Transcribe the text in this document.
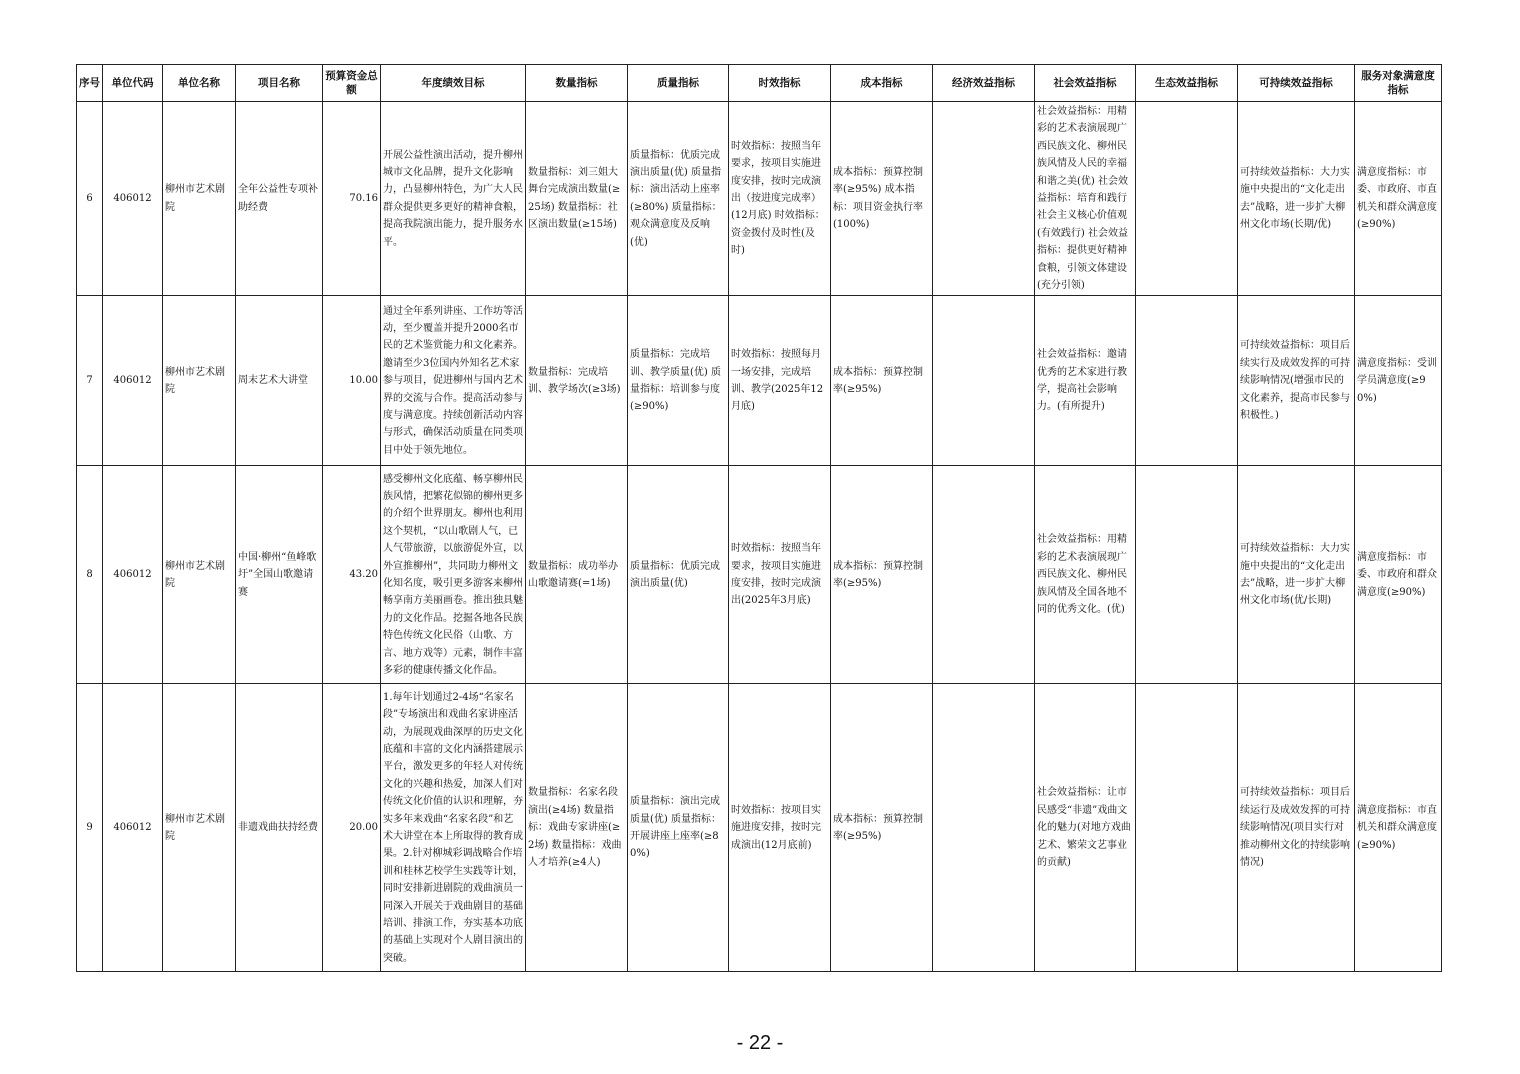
序号	单位代码	单位名称	项目名称	预算资金总额	年度绩效目标	数量指标	质量指标	时效指标	成本指标	经济效益指标	社会效益指标	生态效益指标	可持续效益指标	服务对象满意度指标
6	406012	柳州市艺术剧院	全年公益性专项补助经费	70.16	开展公益性演出活动，提升柳州城市文化品牌，提升文化影响力，凸显柳州特色，为广大人民群众提供更多更好的精神食粮，提高我院演出能力，提升服务水平。	数量指标：刘三姐大舞台完成演出数量(≥25场) 数量指标：社区演出数量(≥15场)	质量指标：优质完成演出质量(优) 质量指标：演出活动上座率(≥80%) 质量指标：观众满意度及反响(优)	时效指标：按照当年要求，按项目实施进度安排，按时完成演出（按进度完成率）(12月底) 时效指标：资金拨付及时性(及时)	成本指标：预算控制率(≥95%) 成本指标：项目资金执行率(100%)		社会效益指标：用精彩的艺术表演展现广西民族文化、柳州民族风情及人民的幸福和谐之美(优) 社会效益指标：培育和践行社会主义核心价值观(有效践行) 社会效益指标：提供更好精神食粮，引领文体建设(充分引领)		可持续效益指标：大力实施中央提出的“文化走出去”战略，进一步扩大柳州文化市场(长期/优)	满意度指标：市委、市政府、市直机关和群众满意度(≥90%)
7	406012	柳州市艺术剧院	周末艺术大讲堂	10.00	通过全年系列讲座、工作坊等活动，至少覆盖并提升2000名市民的艺术鉴赏能力和文化素养。邀请至少3位国内外知名艺术家参与项目，促进柳州与国内艺术界的交流与合作。提高活动参与度与满意度。持续创新活动内容与形式，确保活动质量在同类项目中处于领先地位。	数量指标：完成培训、教学场次(≥3场)	质量指标：完成培训、教学质量(优) 质量指标：培训参与度(≥90%)	时效指标：按照每月一场安排，完成培训、教学(2025年12月底)	成本指标：预算控制率(≥95%)		社会效益指标：邀请优秀的艺术家进行教学，提高社会影响力。(有所提升)		可持续效益指标：项目后续实行及成效发挥的可持续影响情况(增强市民的文化素养，提高市民参与积极性。)	满意度指标：受训学员满意度(≥90%)
8	406012	柳州市艺术剧院	中国·柳州“鱼峰歌圩”全国山歌邀请赛	43.20	感受柳州文化底蕴、畅享柳州民族风情，把繁花似锦的柳州更多的介绍个世界朋友。柳州也利用这个契机，“以山歌剧人气，已人气带旅游，以旅游促外宣，以外宣推柳州”，共同助力柳州文化知名度，吸引更多游客来柳州畅享南方美丽画卷。推出独具魅力的文化作品。挖掘各地各民族特色传统文化民俗（山歌、方言、地方戏等）元素，制作丰富多彩的健康传播文化作品。	数量指标：成功举办山歌邀请赛(=1场)	质量指标：优质完成演出质量(优)	时效指标：按照当年要求，按项目实施进度安排，按时完成演出(2025年3月底)	成本指标：预算控制率(≥95%)		社会效益指标：用精彩的艺术表演展现广西民族文化、柳州民族风情及全国各地不同的优秀文化。(优)		可持续效益指标：大力实施中央提出的“文化走出去”战略，进一步扩大柳州文化市场(优/长期)	满意度指标：市委、市政府和群众满意度(≥90%)
9	406012	柳州市艺术剧院	非遗戏曲扶持经费	20.00	1.每年计划通过2-4场“名家名段”专场演出和戏曲名家讲座活动，为展现戏曲深厚的历史文化底蕴和丰富的文化内涵搭建展示平台，激发更多的年轻人对传统文化的兴趣和热爱，加深人们对传统文化价值的认识和理解，夯实多年来戏曲“名家名段”和艺术大讲堂在本上所取得的教育成果。2.针对柳城彩调战略合作培训和桂林艺校学生实践等计划，同时安排新进剧院的戏曲演员一同深入开展关于戏曲剧目的基础培训、排演工作，夯实基本功底的基础上实现对个人剧目演出的突破。	数量指标：名家名段演出(≥4场) 数量指标：戏曲专家讲座(≥2场) 数量指标：戏曲人才培养(≥4人)	质量指标：演出完成质量(优) 质量指标：开展讲座上座率(≥80%)	时效指标：按项目实施进度安排，按时完成演出(12月底前)	成本指标：预算控制率(≥95%)		社会效益指标：让市民感受“非遗”戏曲文化的魅力(对地方戏曲艺术、繁荣文艺事业的贡献)		可持续效益指标：项目后续运行及成效发挥的可持续影响情况(项目实行对推动柳州文化的持续影响情况)	满意度指标：市直机关和群众满意度(≥90%)
- 22 -
